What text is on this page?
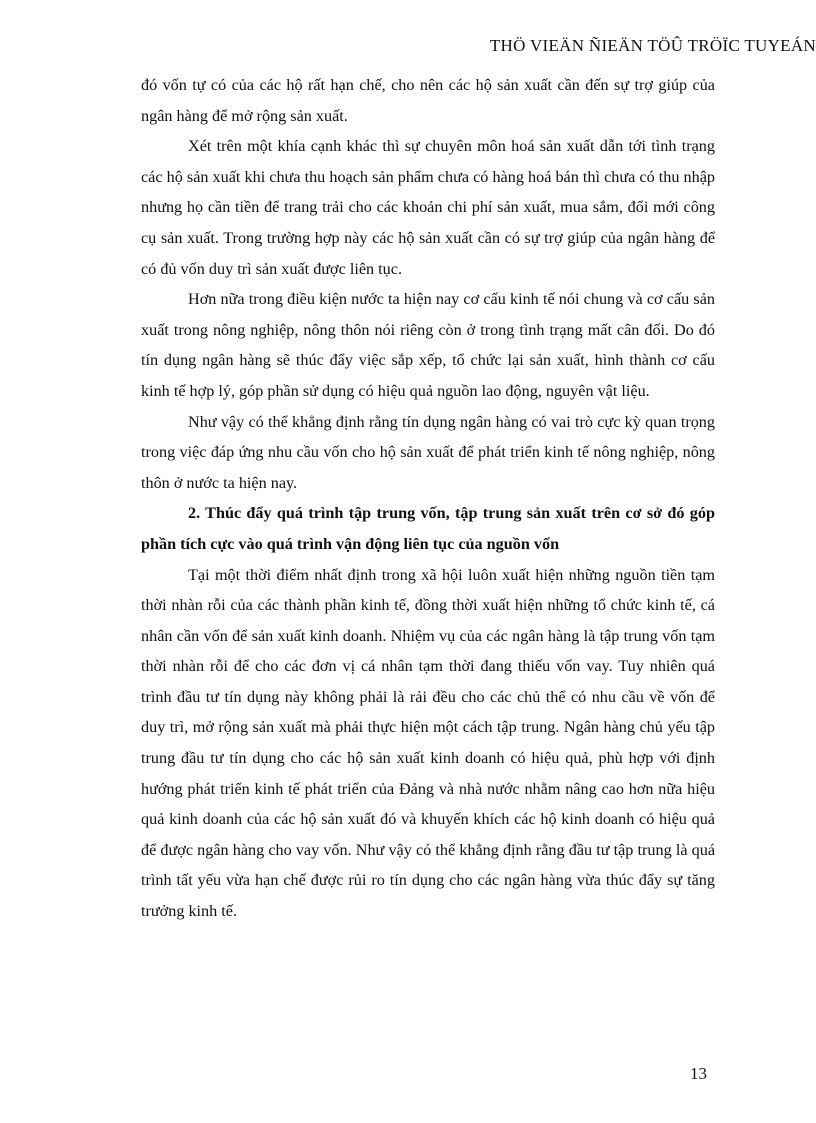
THÖ VIEÄN ÑIEÄN TÖÛ TRÖÏC TUYEÁN

đó vốn tự có của các hộ rất hạn chế, cho nên các hộ sản xuất cần đến sự trợ giúp của ngân hàng để mở rộng sản xuất.

Xét trên một khía cạnh khác thì sự chuyên môn hoá sản xuất dẫn tới tình trạng các hộ sản xuất khi chưa thu hoạch sản phẩm chưa có hàng hoá bán thì chưa có thu nhập nhưng họ cần tiền để trang trải cho các khoản chi phí sản xuất, mua sắm, đổi mới công cụ sản xuất. Trong trường hợp này các hộ sản xuất cần có sự trợ giúp của ngân hàng để có đủ vốn duy trì sản xuất được liên tục.

Hơn nữa trong điều kiện nước ta hiện nay cơ cấu kinh tế nói chung và cơ cấu sản xuất trong nông nghiệp, nông thôn nói riêng còn ở trong tình trạng mất cân đối. Do đó tín dụng ngân hàng sẽ thúc đẩy việc sắp xếp, tổ chức lại sản xuất, hình thành cơ cấu kinh tế hợp lý, góp phần sử dụng có hiệu quả nguồn lao động, nguyên vật liệu.

Như vậy có thể khẳng định rằng tín dụng ngân hàng có vai trò cực kỳ quan trọng trong việc đáp ứng nhu cầu vốn cho hộ sản xuất để phát triển kinh tế nông nghiệp, nông thôn ở nước ta hiện nay.

2. Thúc đẩy quá trình tập trung vốn, tập trung sản xuất trên cơ sở đó góp phần tích cực vào quá trình vận động liên tục của nguồn vốn

Tại một thời điểm nhất định trong xã hội luôn xuất hiện những nguồn tiền tạm thời nhàn rỗi của các thành phần kinh tế, đồng thời xuất hiện những tổ chức kinh tế, cá nhân cần vốn để sản xuất kinh doanh. Nhiệm vụ của các ngân hàng là tập trung vốn tạm thời nhàn rỗi để cho các đơn vị cá nhân tạm thời đang thiếu vốn vay. Tuy nhiên quá trình đầu tư tín dụng này không phải là rải đều cho các chủ thể có nhu cầu về vốn để duy trì, mở rộng sản xuất mà phải thực hiện một cách tập trung. Ngân hàng chủ yếu tập trung đầu tư tín dụng cho các hộ sản xuất kinh doanh có hiệu quả, phù hợp với định hướng phát triển kinh tế phát triển của Đảng và nhà nước nhằm nâng cao hơn nữa hiệu quả kinh doanh của các hộ sản xuất đó và khuyến khích các hộ kinh doanh có hiệu quả để được ngân hàng cho vay vốn. Như vậy có thể khẳng định rằng đầu tư tập trung là quá trình tất yếu vừa hạn chế được rủi ro tín dụng cho các ngân hàng vừa thúc đẩy sự tăng trưởng kinh tế.

13
